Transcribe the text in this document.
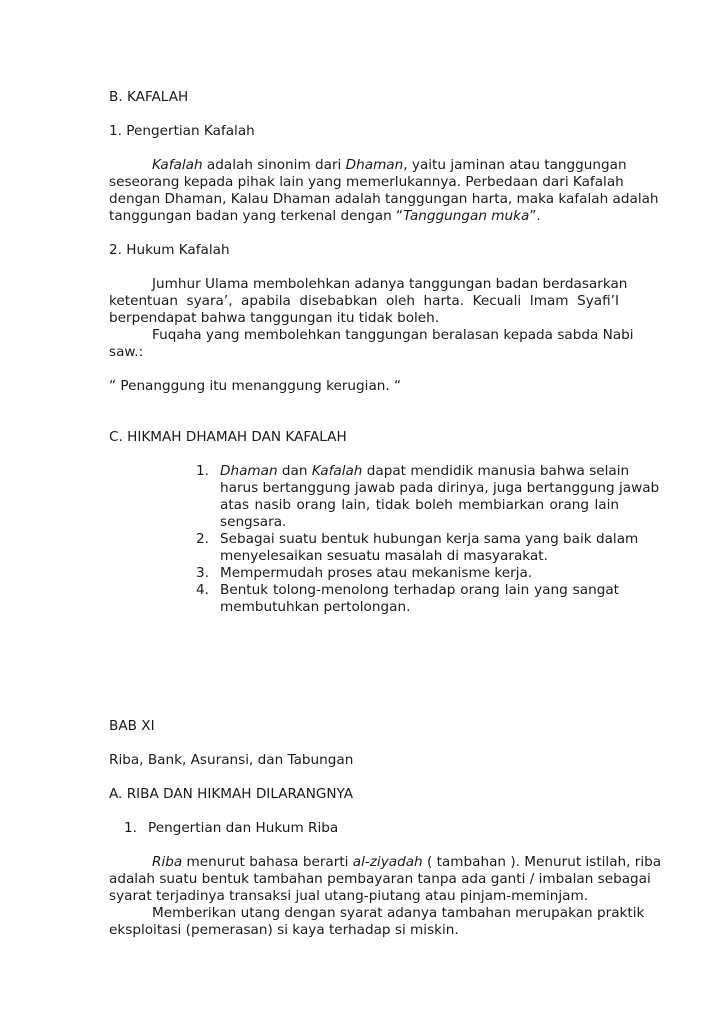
B. KAFALAH
1. Pengertian Kafalah
Kafalah adalah sinonim dari Dhaman, yaitu jaminan atau tanggungan
seseorang kepada pihak lain yang memerlukannya. Perbedaan dari Kafalah
dengan Dhaman, Kalau Dhaman adalah tanggungan harta, maka kafalah adalah
tanggungan badan yang terkenal dengan “Tanggungan muka”.
2. Hukum Kafalah
Jumhur Ulama membolehkan adanya tanggungan badan berdasarkan
ketentuan syara’, apabila disebabkan oleh harta. Kecuali Imam Syafi’I
berpendapat bahwa tanggungan itu tidak boleh.
Fuqaha yang membolehkan tanggungan beralasan kepada sabda Nabi
saw.:
“ Penanggung itu menanggung kerugian. “
C. HIKMAH DHAMAH DAN KAFALAH
1. Dhaman dan Kafalah dapat mendidik manusia bahwa selain
harus bertanggung jawab pada dirinya, juga bertanggung jawab
atas nasib orang lain, tidak boleh membiarkan orang lain
sengsara.
2. Sebagai suatu bentuk hubungan kerja sama yang baik dalam
menyelesaikan sesuatu masalah di masyarakat.
3. Mempermudah proses atau mekanisme kerja.
4. Bentuk tolong-menolong terhadap orang lain yang sangat
membutuhkan pertolongan.
BAB XI
Riba, Bank, Asuransi, dan Tabungan
A. RIBA DAN HIKMAH DILARANGNYA
1. Pengertian dan Hukum Riba
Riba menurut bahasa berarti al-ziyadah ( tambahan ). Menurut istilah, riba
adalah suatu bentuk tambahan pembayaran tanpa ada ganti / imbalan sebagai
syarat terjadinya transaksi jual utang-piutang atau pinjam-meminjam.
Memberikan utang dengan syarat adanya tambahan merupakan praktik
eksploitasi (pemerasan) si kaya terhadap si miskin.
